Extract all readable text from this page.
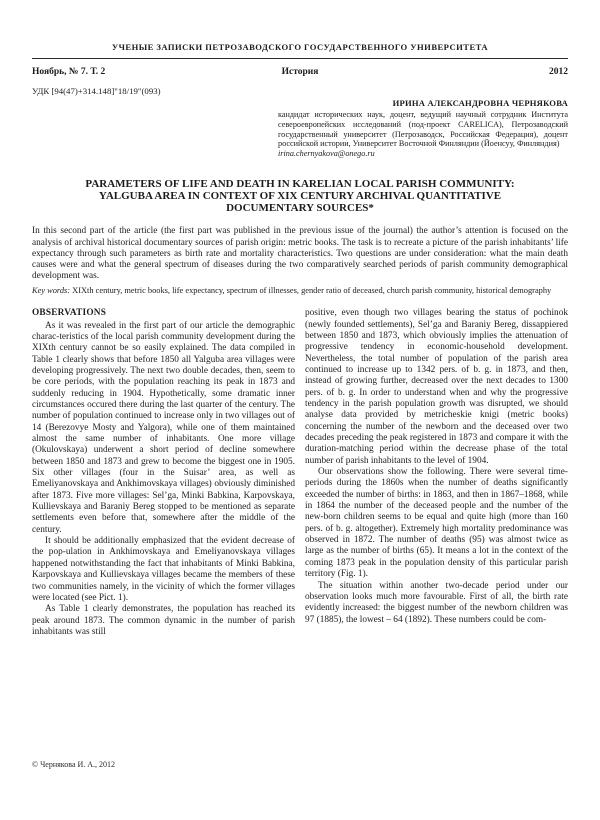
УЧЕНЫЕ ЗАПИСКИ ПЕТРОЗАВОДСКОГО ГОСУДАРСТВЕННОГО УНИВЕРСИТЕТА
Ноябрь, № 7. Т. 2	История	2012
УДК [94(47)+314.148]"18/19"(093)
ИРИНА АЛЕКСАНДРОВНА ЧЕРНЯКОВА
кандидат исторических наук, доцент, ведущий научный сотрудник Института североевропейских исследований (под-проект CARELICA), Петрозаводский государственный университет (Петрозаводск, Российская Федерация), доцент российской истории, Университет Восточной Финляндии (Йоенсуу, Финляндия)
irina.chernyakova@onego.ru
PARAMETERS OF LIFE AND DEATH IN KARELIAN LOCAL PARISH COMMUNITY: YALGUBA AREA IN CONTEXT OF XIX CENTURY ARCHIVAL QUANTITATIVE DOCUMENTARY SOURCES*

In this second part of the article (the first part was published in the previous issue of the journal) the author’s attention is focused on the analysis of archival historical documentary sources of parish origin: metric books. The task is to recreate a picture of the parish inhabitants’ life expectancy through such parameters as birth rate and mortality characteristics. Two questions are under consideration: what the main death causes were and what the general spectrum of diseases during the two comparatively searched periods of parish community demographical development was.

Key words: XIXth century, metric books, life expectancy, spectrum of illnesses, gender ratio of deceased, church parish community, historical demography

OBSERVATIONS

As it was revealed in the first part of our article the demographic charac-teristics of the local parish community development during the XIXth century cannot be so easily explained. The data compiled in Table 1 clearly shows that before 1850 all Yalguba area villages were developing progressively. The next two double decades, then, seem to be core periods, with the population reaching its peak in 1873 and suddenly reducing in 1904. Hypothetically, some dramatic inner circumstances occured there during the last quarter of the century. The number of population continued to increase only in two villages out of 14 (Berezovye Mosty and Yalgora), while one of them maintained almost the same number of inhabitants. One more village (Okulovskaya) underwent a short period of decline somewhere between 1850 and 1873 and grew to become the biggest one in 1905. Six other villages (four in the Suisar’ area, as well as Emeliyanovskaya and Ankhimovskaya villages) obviously diminished after 1873. Five more villages: Sel’ga, Minki Babkina, Karpovskaya, Kullievskaya and Baraniy Bereg stopped to be mentioned as separate settlements even before that, somewhere after the middle of the century.

It should be additionally emphasized that the evident decrease of the pop-ulation in Ankhimovskaya and Emeliyanovskaya villages happened notwithstanding the fact that inhabitants of Minki Babkina, Karpovskaya and Kullievskaya villages became the members of these two communities namely, in the vicinity of which the former villages were located (see Pict. 1).

As Table 1 clearly demonstrates, the population has reached its peak around 1873. The common dynamic in the number of parish inhabitants was still

positive, even though two villages bearing the status of pochinok (newly founded settlements), Sel’ga and Baraniy Bereg, dissappiered between 1850 and 1873, which obviously implies the attenuation of progressive tendency in economic-household development. Nevertheless, the total number of population of the parish area continued to increase up to 1342 pers. of b. g. in 1873, and then, instead of growing further, decreased over the next decades to 1300 pers. of b. g. In order to understand when and why the progressive tendency in the parish population growth was disrupted, we should analyse data provided by metricheskie knigi (metric books) concerning the number of the newborn and the deceased over two decades preceding the peak registered in 1873 and compare it with the duration-matching period within the decrease phase of the total number of parish inhabitants to the level of 1904.

Our observations show the following. There were several time-periods during the 1860s when the number of deaths significantly exceeded the number of births: in 1863, and then in 1867–1868, while in 1864 the number of the deceased people and the number of the new-born children seems to be equal and quite high (more than 160 pers. of b. g. altogether). Extremely high mortality predominance was observed in 1872. The number of deaths (95) was almost twice as large as the number of births (65). It means a lot in the context of the coming 1873 peak in the population density of this particular parish territory (Fig. 1).

The situation within another two-decade period under our observation looks much more favourable. First of all, the birth rate evidently increased: the biggest number of the newborn children was 97 (1885), the lowest – 64 (1892). These numbers could be com-

© Чернякова И. А., 2012
